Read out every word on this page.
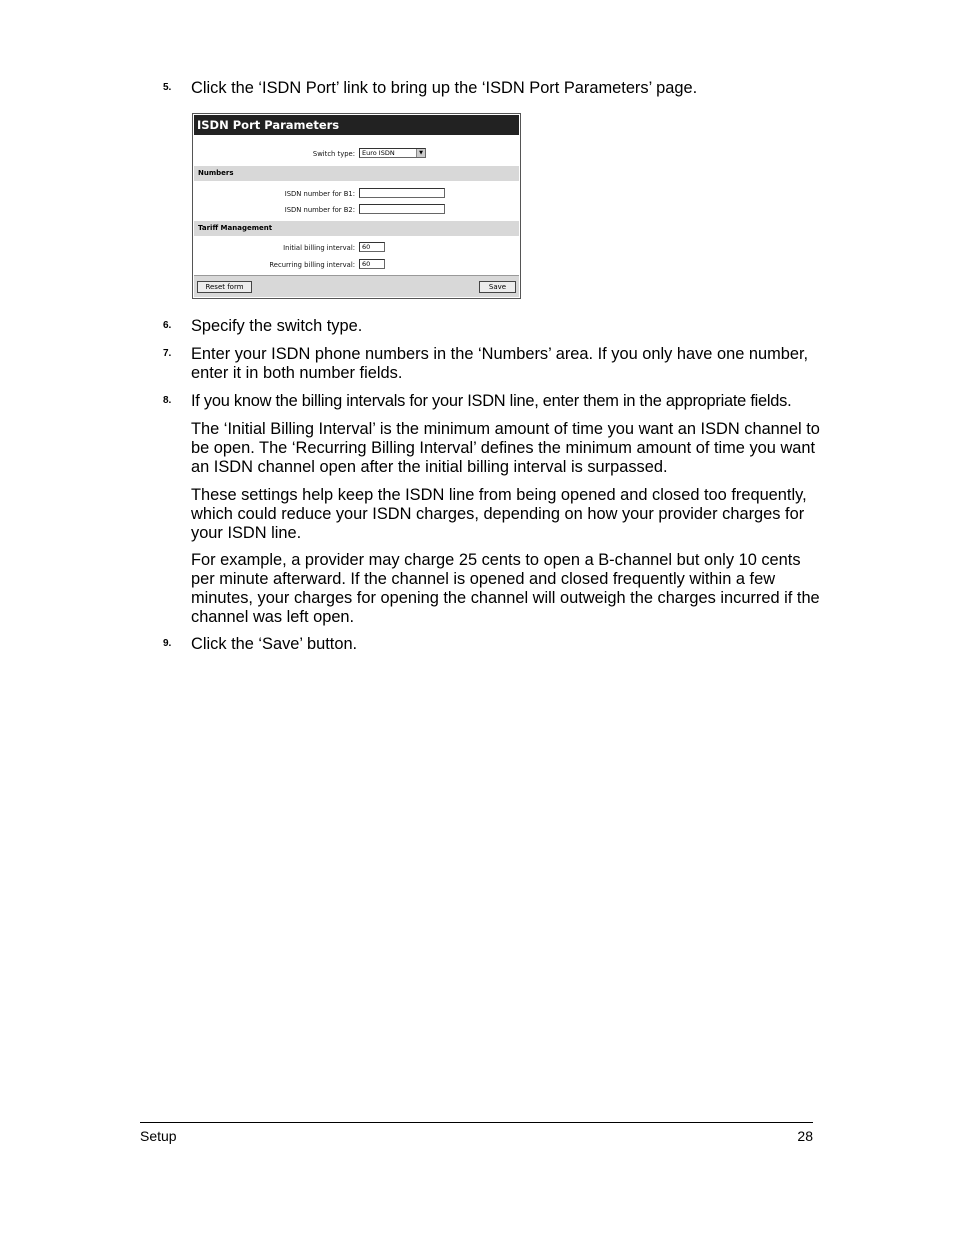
5. Click the ‘ISDN Port’ link to bring up the ‘ISDN Port Parameters’ page.
ISDN Port Parameters
Switch type:	Euro ISDN	▼
Numbers
ISDN number for B1:
ISDN number for B2:
Tariff Management
Initial billing interval:	60
Recurring billing interval:	60
Reset form	Save
6. Specify the switch type.
7. Enter your ISDN phone numbers in the ‘Numbers’ area. If you only have one number, enter it in both number fields.
8. If you know the billing intervals for your ISDN line, enter them in the appropriate fields.
The ‘Initial Billing Interval’ is the minimum amount of time you want an ISDN channel to be open. The ‘Recurring Billing Interval’ defines the minimum amount of time you want an ISDN channel open after the initial billing interval is surpassed.
These settings help keep the ISDN line from being opened and closed too frequently, which could reduce your ISDN charges, depending on how your provider charges for your ISDN line.
For example, a provider may charge 25 cents to open a B-channel but only 10 cents per minute afterward. If the channel is opened and closed frequently within a few minutes, your charges for opening the channel will outweigh the charges incurred if the channel was left open.
9. Click the ‘Save’ button.
Setup	28
